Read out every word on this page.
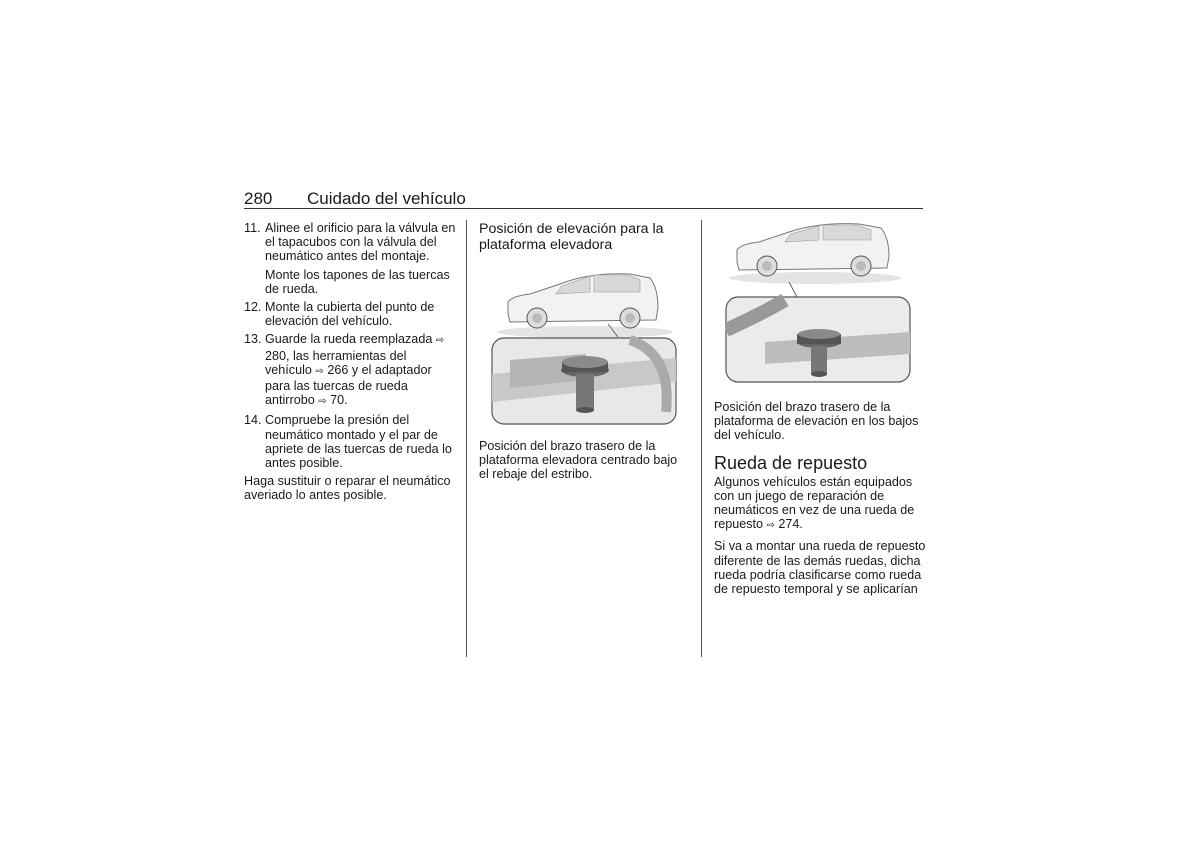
280 Cuidado del vehículo
11. Alinee el orificio para la válvula en el tapacubos con la válvula del neumático antes del montaje.
Monte los tapones de las tuercas de rueda.
12. Monte la cubierta del punto de elevación del vehículo.
13. Guarde la rueda reemplazada ⇨ 280, las herramientas del vehículo ⇨ 266 y el adaptador para las tuercas de rueda antirrobo ⇨ 70.
14. Compruebe la presión del neumático montado y el par de apriete de las tuercas de rueda lo antes posible.

Haga sustituir o reparar el neumático averiado lo antes posible.

Posición de elevación para la plataforma elevadora

Posición del brazo trasero de la plataforma elevadora centrado bajo el rebaje del estribo.

Posición del brazo trasero de la plataforma de elevación en los bajos del vehículo.

Rueda de repuesto

Algunos vehículos están equipados con un juego de reparación de neumáticos en vez de una rueda de repuesto ⇨ 274.

Si va a montar una rueda de repuesto diferente de las demás ruedas, dicha rueda podría clasificarse como rueda de repuesto temporal y se aplicarían
